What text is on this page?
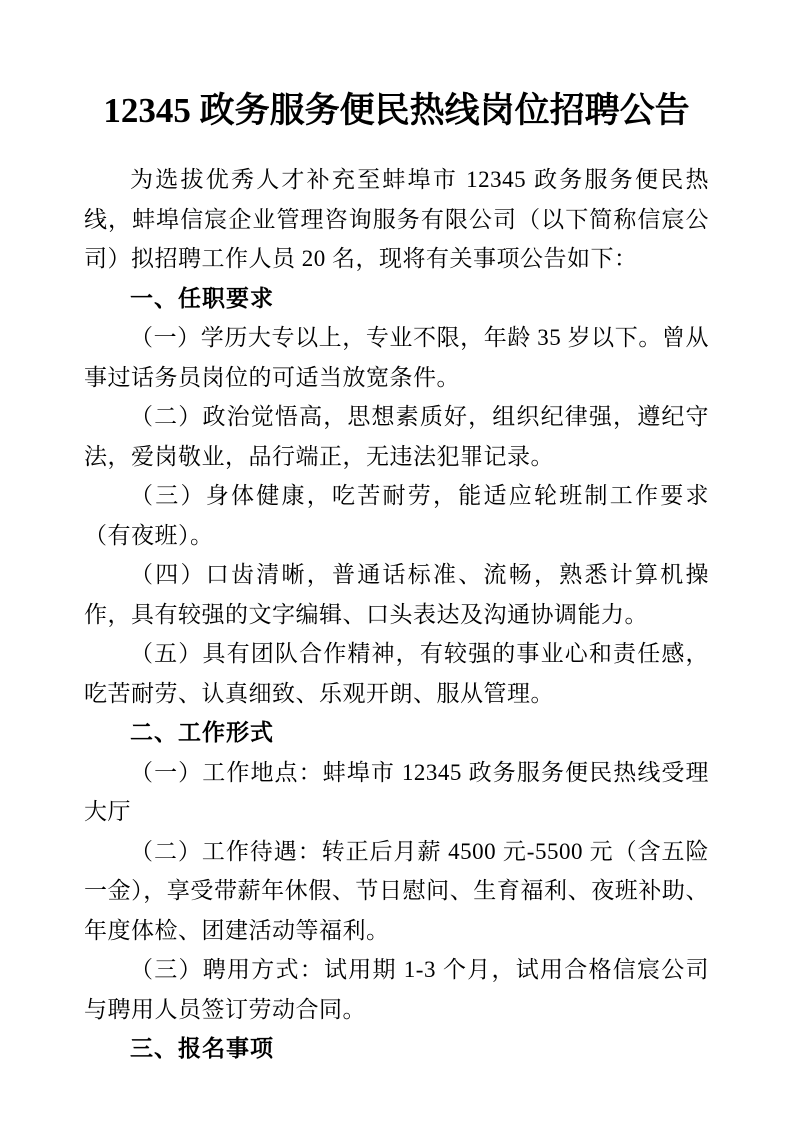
12345 政务服务便民热线岗位招聘公告

为选拔优秀人才补充至蚌埠市 12345 政务服务便民热线，蚌埠信宸企业管理咨询服务有限公司（以下简称信宸公司）拟招聘工作人员 20 名，现将有关事项公告如下：

一、任职要求

（一）学历大专以上，专业不限，年龄 35 岁以下。曾从事过话务员岗位的可适当放宽条件。

（二）政治觉悟高，思想素质好，组织纪律强，遵纪守法，爱岗敬业，品行端正，无违法犯罪记录。

（三）身体健康，吃苦耐劳，能适应轮班制工作要求（有夜班）。

（四）口齿清晰，普通话标准、流畅，熟悉计算机操作，具有较强的文字编辑、口头表达及沟通协调能力。

（五）具有团队合作精神，有较强的事业心和责任感，吃苦耐劳、认真细致、乐观开朗、服从管理。

二、工作形式

（一）工作地点：蚌埠市 12345 政务服务便民热线受理大厅

（二）工作待遇：转正后月薪 4500 元-5500 元（含五险一金），享受带薪年休假、节日慰问、生育福利、夜班补助、年度体检、团建活动等福利。

（三）聘用方式：试用期 1-3 个月，试用合格信宸公司与聘用人员签订劳动合同。

三、报名事项
